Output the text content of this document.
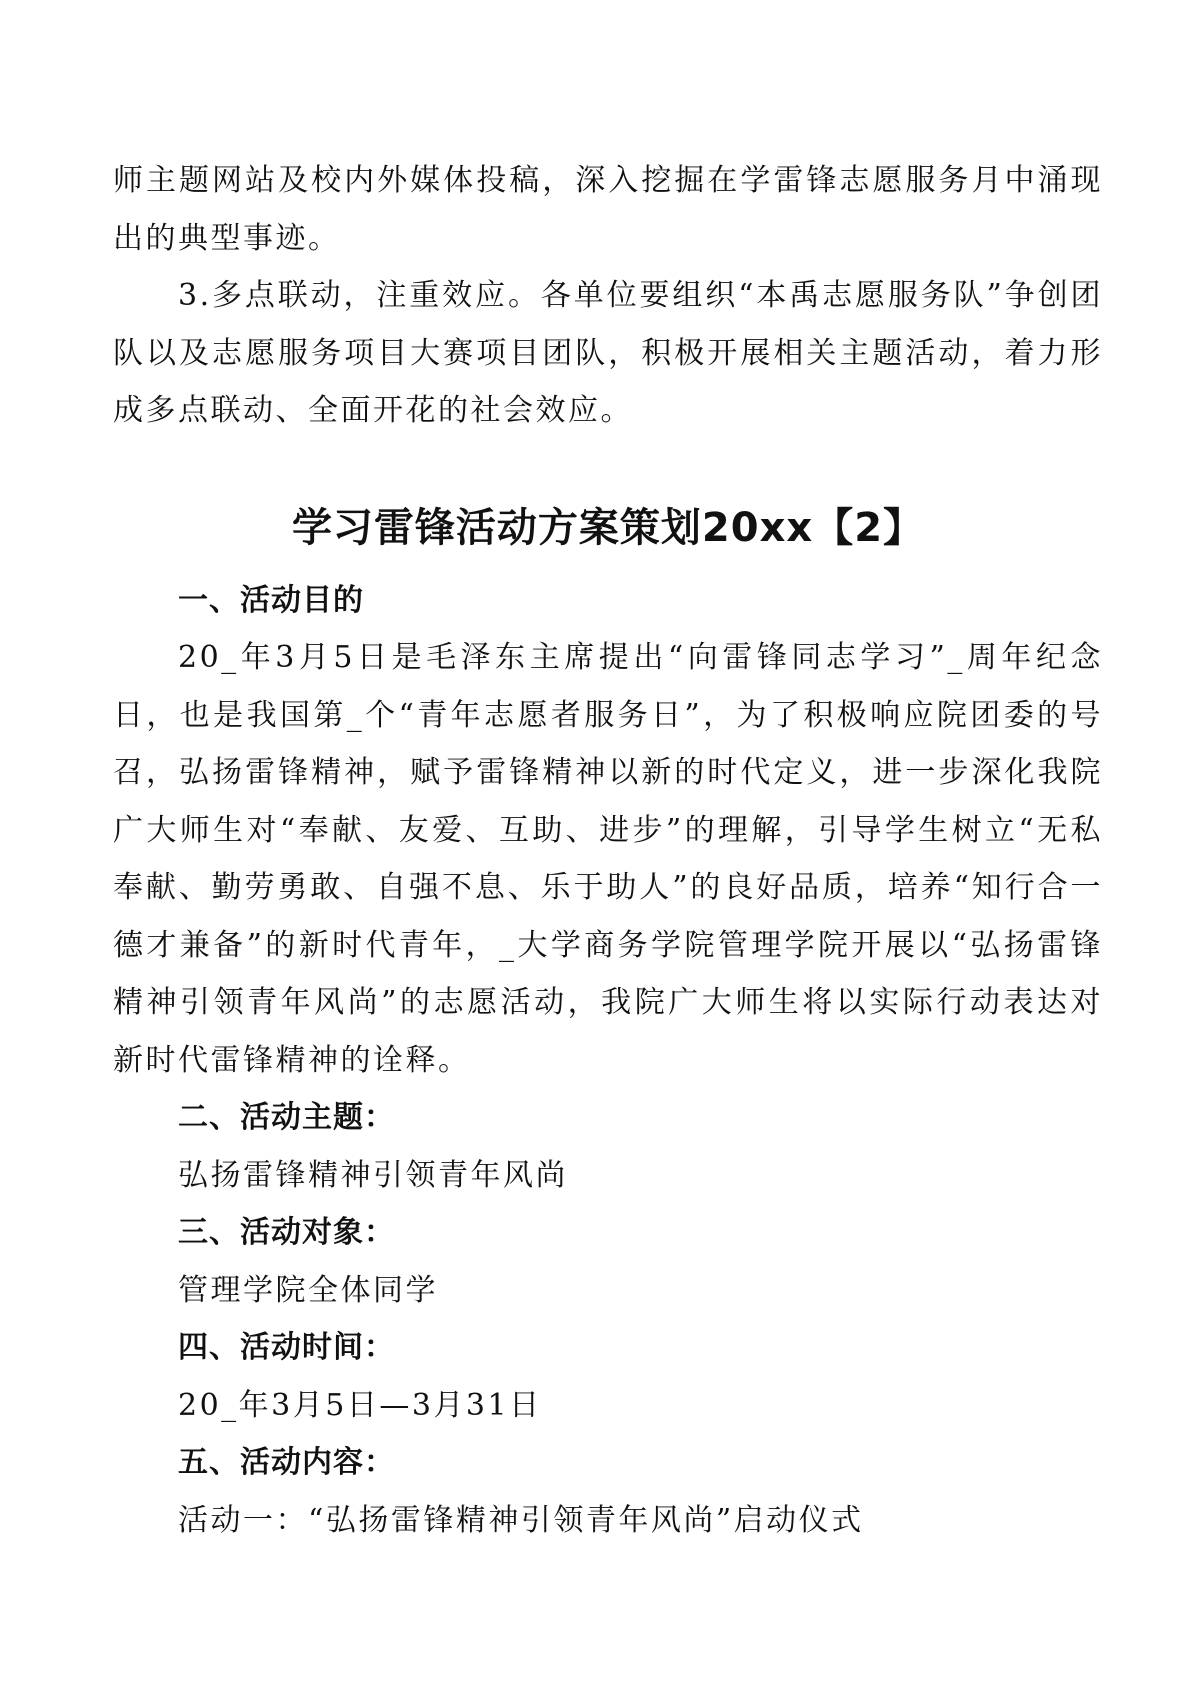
师主题网站及校内外媒体投稿，深入挖掘在学雷锋志愿服务月中涌现出的典型事迹。

3.多点联动，注重效应。各单位要组织“本禹志愿服务队”争创团队以及志愿服务项目大赛项目团队，积极开展相关主题活动，着力形成多点联动、全面开花的社会效应。

学习雷锋活动方案策划20xx【2】

一、活动目的

20_年3月5日是毛泽东主席提出“向雷锋同志学习”_周年纪念日，也是我国第_个“青年志愿者服务日”，为了积极响应院团委的号召，弘扬雷锋精神，赋予雷锋精神以新的时代定义，进一步深化我院广大师生对“奉献、友爱、互助、进步”的理解，引导学生树立“无私奉献、勤劳勇敢、自强不息、乐于助人”的良好品质，培养“知行合一德才兼备”的新时代青年，_大学商务学院管理学院开展以“弘扬雷锋精神引领青年风尚”的志愿活动，我院广大师生将以实际行动表达对新时代雷锋精神的诠释。

二、活动主题：

弘扬雷锋精神引领青年风尚

三、活动对象：

管理学院全体同学

四、活动时间：

20_年3月5日—3月31日

五、活动内容：

活动一：“弘扬雷锋精神引领青年风尚”启动仪式
